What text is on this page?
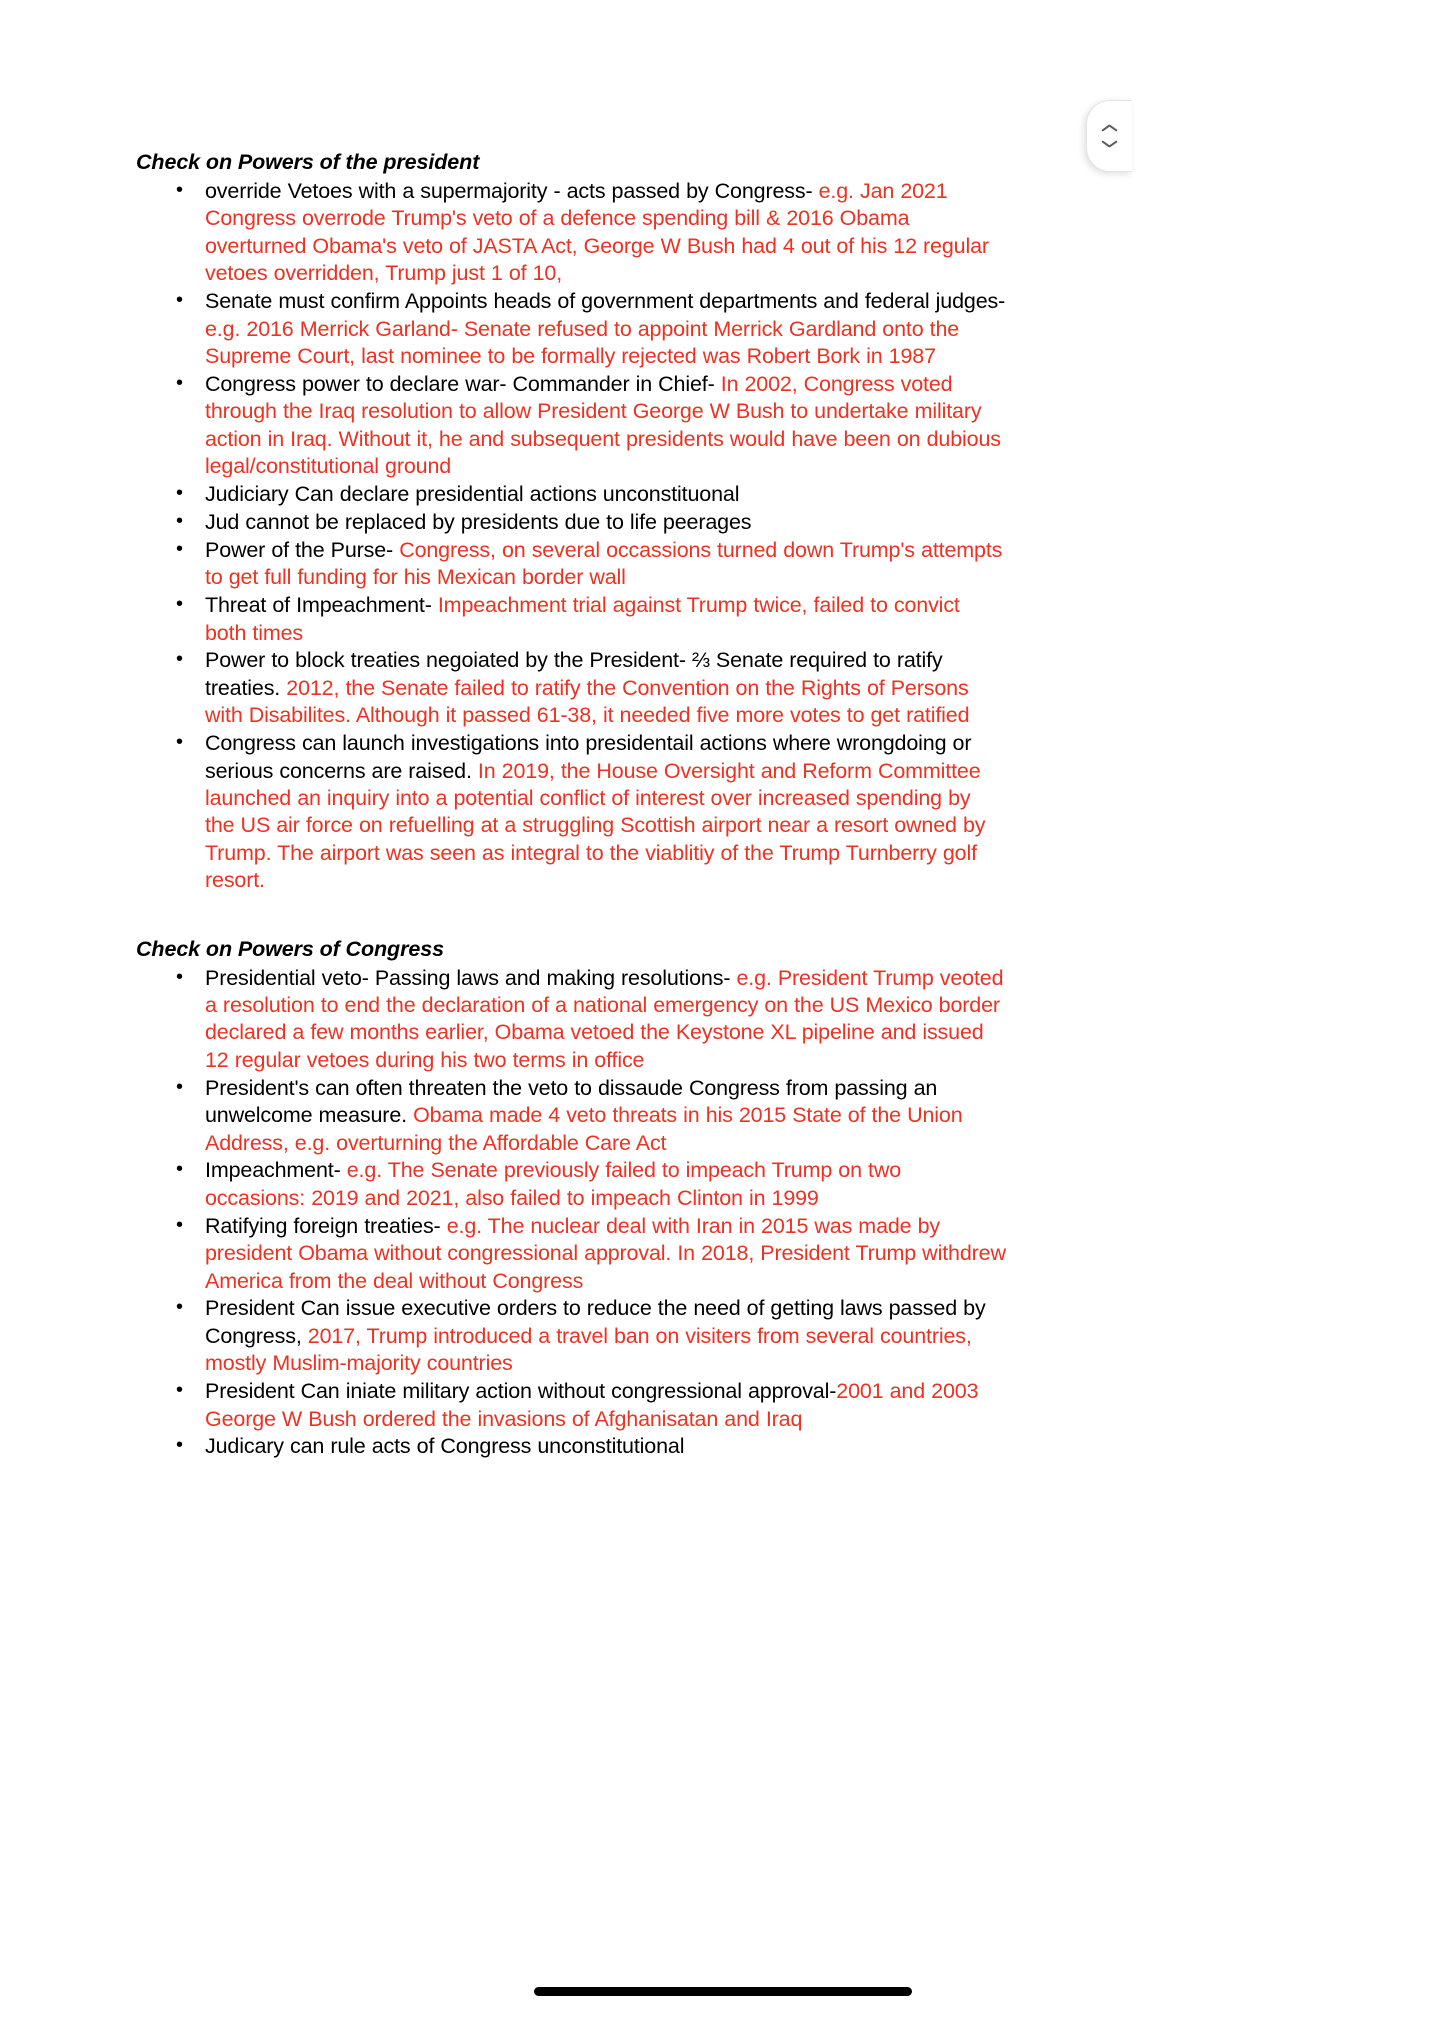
Check on Powers of the president
• override Vetoes with a supermajority - acts passed by Congress- e.g. Jan 2021 Congress overrode Trump's veto of a defence spending bill & 2016 Obama overturned Obama's veto of JASTA Act, George W Bush had 4 out of his 12 regular vetoes overridden, Trump just 1 of 10,
• Senate must confirm Appoints heads of government departments and federal judges- e.g. 2016 Merrick Garland- Senate refused to appoint Merrick Gardland onto the Supreme Court, last nominee to be formally rejected was Robert Bork in 1987
• Congress power to declare war- Commander in Chief- In 2002, Congress voted through the Iraq resolution to allow President George W Bush to undertake military action in Iraq. Without it, he and subsequent presidents would have been on dubious legal/constitutional ground
• Judiciary Can declare presidential actions unconstituonal
• Jud cannot be replaced by presidents due to life peerages
• Power of the Purse- Congress, on several occassions turned down Trump's attempts to get full funding for his Mexican border wall
• Threat of Impeachment- Impeachment trial against Trump twice, failed to convict both times
• Power to block treaties negoiated by the President- ⅔ Senate required to ratify treaties. 2012, the Senate failed to ratify the Convention on the Rights of Persons with Disabilites. Although it passed 61-38, it needed five more votes to get ratified
• Congress can launch investigations into presidentail actions where wrongdoing or serious concerns are raised. In 2019, the House Oversight and Reform Committee launched an inquiry into a potential conflict of interest over increased spending by the US air force on refuelling at a struggling Scottish airport near a resort owned by Trump. The airport was seen as integral to the viablitiy of the Trump Turnberry golf resort.
Check on Powers of Congress
• Presidential veto- Passing laws and making resolutions- e.g. President Trump veoted a resolution to end the declaration of a national emergency on the US Mexico border declared a few months earlier, Obama vetoed the Keystone XL pipeline and issued 12 regular vetoes during his two terms in office
• President's can often threaten the veto to dissaude Congress from passing an unwelcome measure. Obama made 4 veto threats in his 2015 State of the Union Address, e.g. overturning the Affordable Care Act
• Impeachment- e.g. The Senate previously failed to impeach Trump on two occasions: 2019 and 2021, also failed to impeach Clinton in 1999
• Ratifying foreign treaties- e.g. The nuclear deal with Iran in 2015 was made by president Obama without congressional approval. In 2018, President Trump withdrew America from the deal without Congress
• President Can issue executive orders to reduce the need of getting laws passed by Congress, 2017, Trump introduced a travel ban on visiters from several countries, mostly Muslim-majority countries
• President Can iniate military action without congressional approval-2001 and 2003 George W Bush ordered the invasions of Afghanisatan and Iraq
• Judicary can rule acts of Congress unconstitutional
